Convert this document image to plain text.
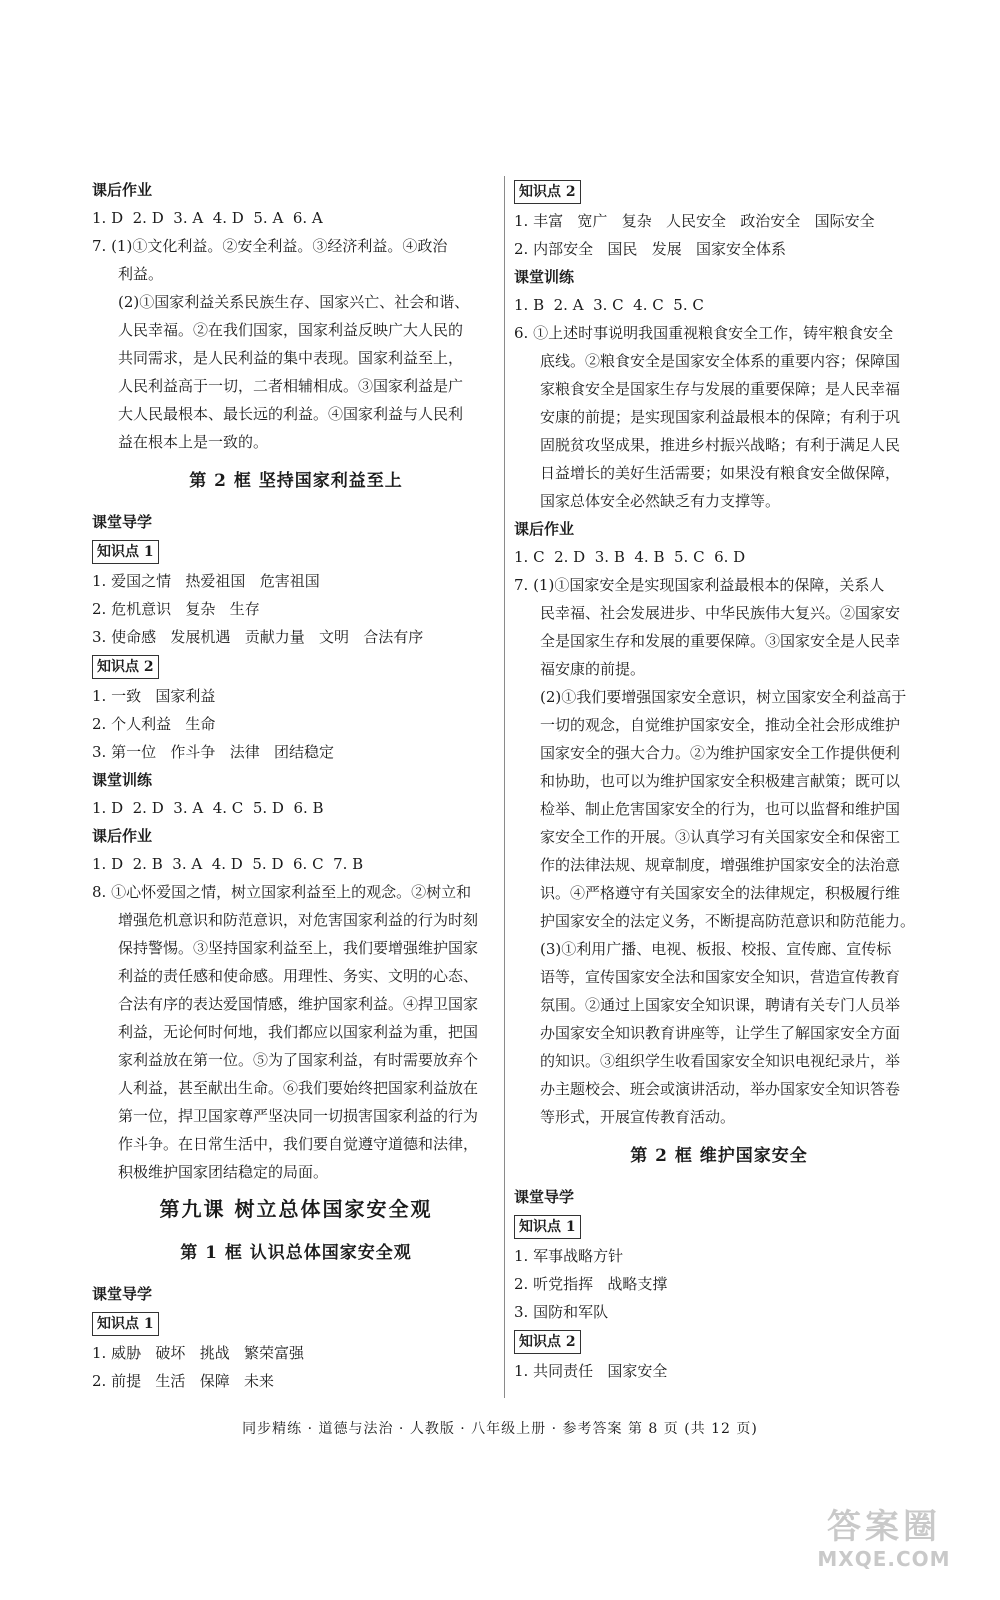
课后作业
1. D  2. D  3. A  4. D  5. A  6. A
7. (1)①文化利益。②安全利益。③经济利益。④政治
利益。
(2)①国家利益关系民族生存、国家兴亡、社会和谐、
人民幸福。②在我们国家，国家利益反映广大人民的
共同需求，是人民利益的集中表现。国家利益至上，
人民利益高于一切，二者相辅相成。③国家利益是广
大人民最根本、最长远的利益。④国家利益与人民利
益在根本上是一致的。
第 2 框 坚持国家利益至上
课堂导学
知识点 1
1. 爱国之情   热爱祖国   危害祖国
2. 危机意识   复杂   生存
3. 使命感   发展机遇   贡献力量   文明   合法有序
知识点 2
1. 一致   国家利益
2. 个人利益   生命
3. 第一位   作斗争   法律   团结稳定
课堂训练
1. D  2. D  3. A  4. C  5. D  6. B
课后作业
1. D  2. B  3. A  4. D  5. D  6. C  7. B
8. ①心怀爱国之情，树立国家利益至上的观念。②树立和
增强危机意识和防范意识，对危害国家利益的行为时刻
保持警惕。③坚持国家利益至上，我们要增强维护国家
利益的责任感和使命感。用理性、务实、文明的心态、
合法有序的表达爱国情感，维护国家利益。④捍卫国家
利益，无论何时何地，我们都应以国家利益为重，把国
家利益放在第一位。⑤为了国家利益，有时需要放弃个
人利益，甚至献出生命。⑥我们要始终把国家利益放在
第一位，捍卫国家尊严坚决同一切损害国家利益的行为
作斗争。在日常生活中，我们要自觉遵守道德和法律，
积极维护国家团结稳定的局面。
第九课 树立总体国家安全观
第 1 框 认识总体国家安全观
课堂导学
知识点 1
1. 威胁   破坏   挑战   繁荣富强
2. 前提   生活   保障   未来
知识点 2
1. 丰富   宽广   复杂   人民安全   政治安全   国际安全
2. 内部安全   国民   发展   国家安全体系
课堂训练
1. B  2. A  3. C  4. C  5. C
6. ①上述时事说明我国重视粮食安全工作，铸牢粮食安全
底线。②粮食安全是国家安全体系的重要内容；保障国
家粮食安全是国家生存与发展的重要保障；是人民幸福
安康的前提；是实现国家利益最根本的保障；有利于巩
固脱贫攻坚成果，推进乡村振兴战略；有利于满足人民
日益增长的美好生活需要；如果没有粮食安全做保障，
国家总体安全必然缺乏有力支撑等。
课后作业
1. C  2. D  3. B  4. B  5. C  6. D
7. (1)①国家安全是实现国家利益最根本的保障，关系人
民幸福、社会发展进步、中华民族伟大复兴。②国家安
全是国家生存和发展的重要保障。③国家安全是人民幸
福安康的前提。
(2)①我们要增强国家安全意识，树立国家安全利益高于
一切的观念，自觉维护国家安全，推动全社会形成维护
国家安全的强大合力。②为维护国家安全工作提供便利
和协助，也可以为维护国家安全积极建言献策；既可以
检举、制止危害国家安全的行为，也可以监督和维护国
家安全工作的开展。③认真学习有关国家安全和保密工
作的法律法规、规章制度，增强维护国家安全的法治意
识。④严格遵守有关国家安全的法律规定，积极履行维
护国家安全的法定义务，不断提高防范意识和防范能力。
(3)①利用广播、电视、板报、校报、宣传廊、宣传标
语等，宣传国家安全法和国家安全知识，营造宣传教育
氛围。②通过上国家安全知识课，聘请有关专门人员举
办国家安全知识教育讲座等，让学生了解国家安全方面
的知识。③组织学生收看国家安全知识电视纪录片，举
办主题校会、班会或演讲活动，举办国家安全知识答卷
等形式，开展宣传教育活动。
第 2 框 维护国家安全
课堂导学
知识点 1
1. 军事战略方针
2. 听党指挥   战略支撑
3. 国防和军队
知识点 2
1. 共同责任   国家安全
同步精练 · 道德与法治 · 人教版 · 八年级上册 · 参考答案 第 8 页 (共 12 页)
答案圈
MXQE.COM
